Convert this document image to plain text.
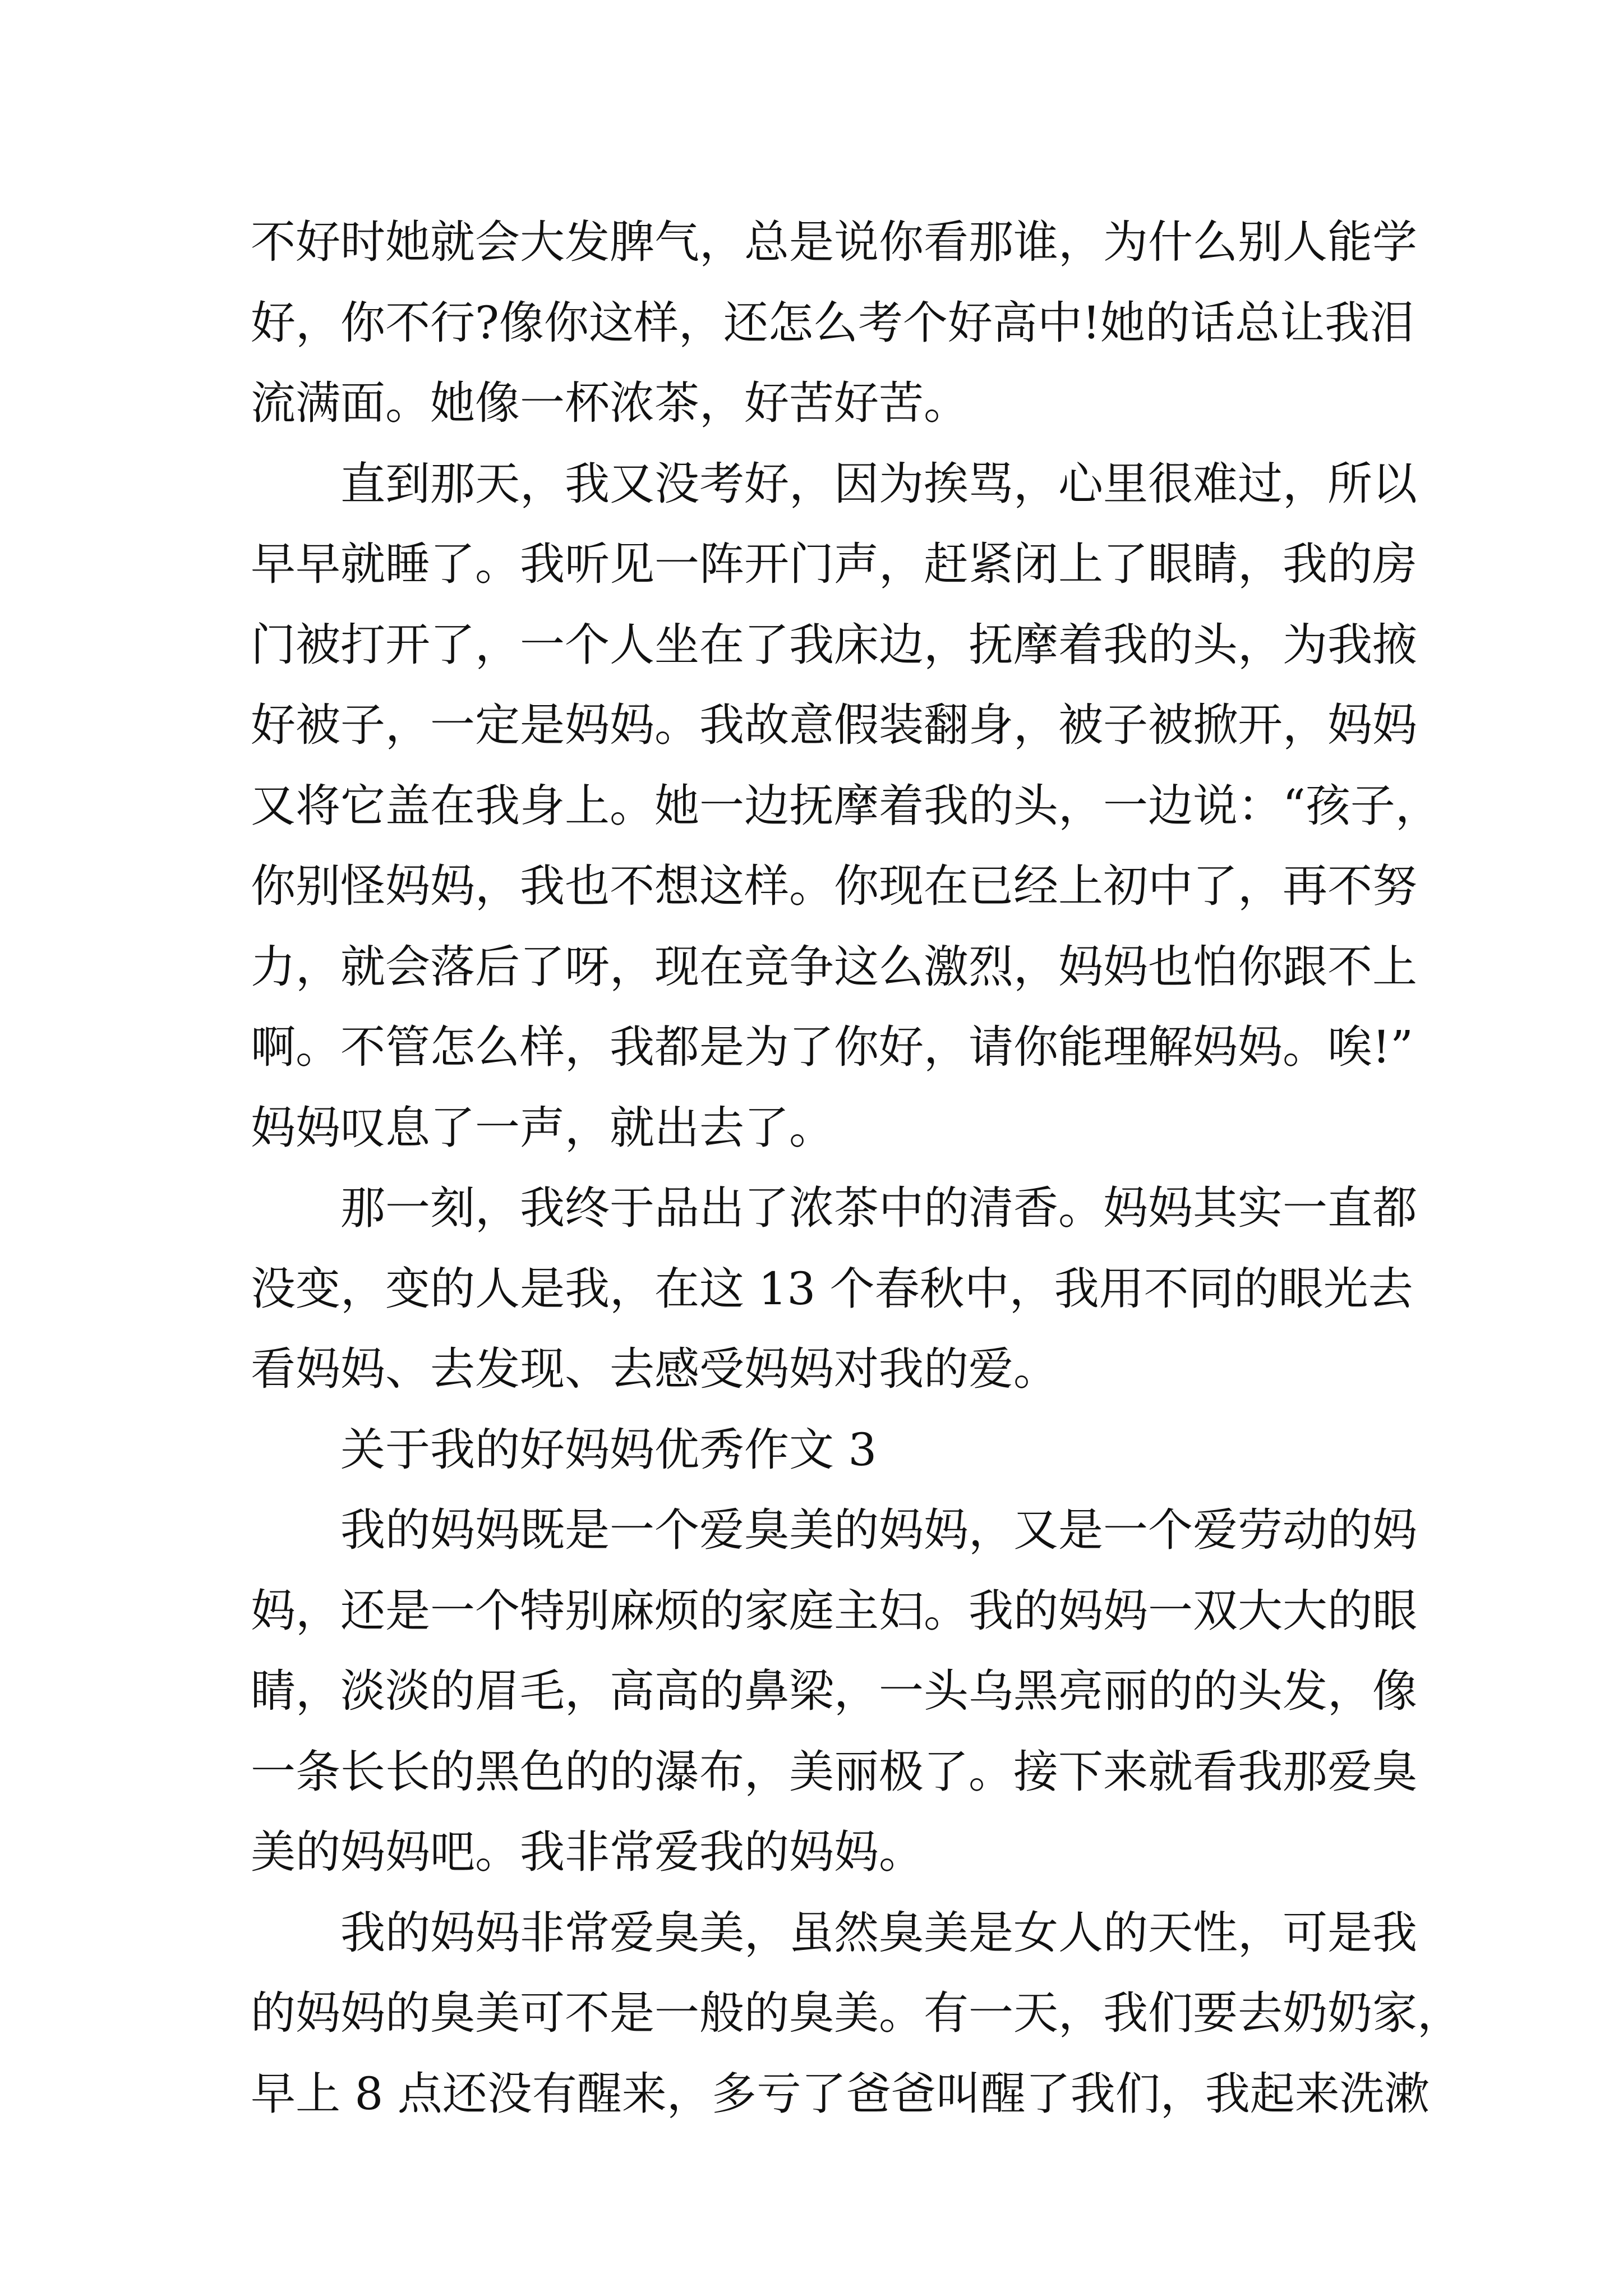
不好时她就会大发脾气，总是说你看那谁，为什么别人能学
好，你不行?像你这样，还怎么考个好高中!她的话总让我泪
流满面。她像一杯浓茶，好苦好苦。
直到那天，我又没考好，因为挨骂，心里很难过，所以
早早就睡了。我听见一阵开门声，赶紧闭上了眼睛，我的房
门被打开了，一个人坐在了我床边，抚摩着我的头，为我掖
好被子，一定是妈妈。我故意假装翻身，被子被掀开，妈妈
又将它盖在我身上。她一边抚摩着我的头，一边说：“孩子，
你别怪妈妈，我也不想这样。你现在已经上初中了，再不努
力，就会落后了呀，现在竞争这么激烈，妈妈也怕你跟不上
啊。不管怎么样，我都是为了你好，请你能理解妈妈。唉!”
妈妈叹息了一声，就出去了。
那一刻，我终于品出了浓茶中的清香。妈妈其实一直都
没变，变的人是我，在这 13 个春秋中，我用不同的眼光去
看妈妈、去发现、去感受妈妈对我的爱。
关于我的好妈妈优秀作文 3
我的妈妈既是一个爱臭美的妈妈，又是一个爱劳动的妈
妈，还是一个特别麻烦的家庭主妇。我的妈妈一双大大的眼
睛，淡淡的眉毛，高高的鼻梁，一头乌黑亮丽的的头发，像
一条长长的黑色的的瀑布，美丽极了。接下来就看我那爱臭
美的妈妈吧。我非常爱我的妈妈。
我的妈妈非常爱臭美，虽然臭美是女人的天性，可是我
的妈妈的臭美可不是一般的臭美。有一天，我们要去奶奶家，
早上 8 点还没有醒来，多亏了爸爸叫醒了我们，我起来洗漱
